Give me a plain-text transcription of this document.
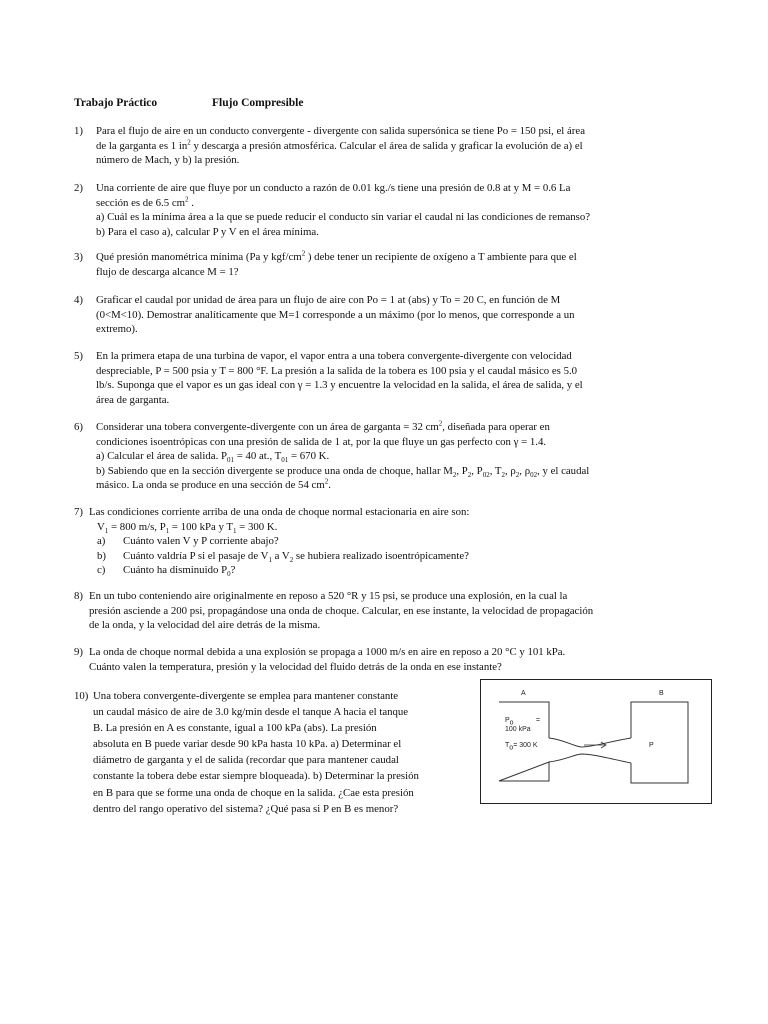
Trabajo Práctico	Flujo Compresible
1) Para el flujo de aire en un conducto convergente - divergente con salida supersónica se tiene Po = 150 psi, el área
de la garganta es 1 $in^2$ y descarga a presión atmosférica. Calcular el área de salida y graficar la evolución de a) el
número de Mach, y b) la presión.
2) Una corriente de aire que fluye por un conducto a razón de 0.01 kg./s tiene una presión de 0.8 at y M = 0.6 La
sección es de 6.5 $cm^2$ .
a) Cuál es la mínima área a la que se puede reducir el conducto sin variar el caudal ni las condiciones de remanso?
b) Para el caso a), calcular P y V en el área mínima.
3) Qué presión manométrica mínima (Pa y kgf/$cm^2$ ) debe tener un recipiente de oxígeno a T ambiente para que el
flujo de descarga alcance M = 1?
4) Graficar el caudal por unidad de área para un flujo de aire con Po = 1 at (abs) y To = 20 C, en función de M
(0<M<10). Demostrar analíticamente que M=1 corresponde a un máximo (por lo menos, que corresponde a un
extremo).
5) En la primera etapa de una turbina de vapor, el vapor entra a una tobera convergente-divergente con velocidad
despreciable, P = 500 psia y T = 800 °F. La presión a la salida de la tobera es 100 psia y el caudal másico es 5.0
lb/s. Suponga que el vapor es un gas ideal con γ = 1.3 y encuentre la velocidad en la salida, el área de salida, y el
área de garganta.
6) Considerar una tobera convergente-divergente con un área de garganta = 32 $cm^2$, diseñada para operar en
condiciones isoentrópicas con una presión de salida de 1 at, por la que fluye un gas perfecto con γ = 1.4.
a) Calcular el área de salida. $P_{01} = 40$ at., $T_{01} = 670$ K.
b) Sabiendo que en la sección divergente se produce una onda de choque, hallar $M_2$, $P_2$, $P_{02}$, $T_2$, $\rho_2$, $\rho_{02}$, y el caudal
másico. La onda se produce en una sección de 54 $cm^2$.
7) Las condiciones corriente arriba de una onda de choque normal estacionaria en aire son:
$V_1 = 800$ m/s, $P_1 = 100$ kPa y $T_1 = 300$ K.
a) Cuánto valen V y P corriente abajo?
b) Cuánto valdría P si el pasaje de $V_1$ a $V_2$ se hubiera realizado isoentrópicamente?
c) Cuánto ha disminuido $P_0$?
8) En un tubo conteniendo aire originalmente en reposo a 520 °R y 15 psi, se produce una explosión, en la cual la
presión asciende a 200 psi, propagándose una onda de choque. Calcular, en ese instante, la velocidad de propagación
de la onda, y la velocidad del aire detrás de la misma.
9) La onda de choque normal debida a una explosión se propaga a 1000 m/s en aire en reposo a 20 °C y 101 kPa.
Cuánto valen la temperatura, presión y la velocidad del fluido detrás de la onda en ese instante?
10) Una tobera convergente-divergente se emplea para mantener constante
un caudal másico de aire de 3.0 kg/min desde el tanque A hacia el tanque
B. La presión en A es constante, igual a 100 kPa (abs). La presión
absoluta en B puede variar desde 90 kPa hasta 10 kPa. a) Determinar el
diámetro de garganta y el de salida (recordar que para mantener caudal
constante la tobera debe estar siempre bloqueada). b) Determinar la presión
en B para que se forme una onda de choque en la salida. ¿Cae esta presión
dentro del rango operativo del sistema? ¿Qué pasa si P en B es menor?
A	B
$P_o$	=
100 kPa
$T_o= 300$ K	P
